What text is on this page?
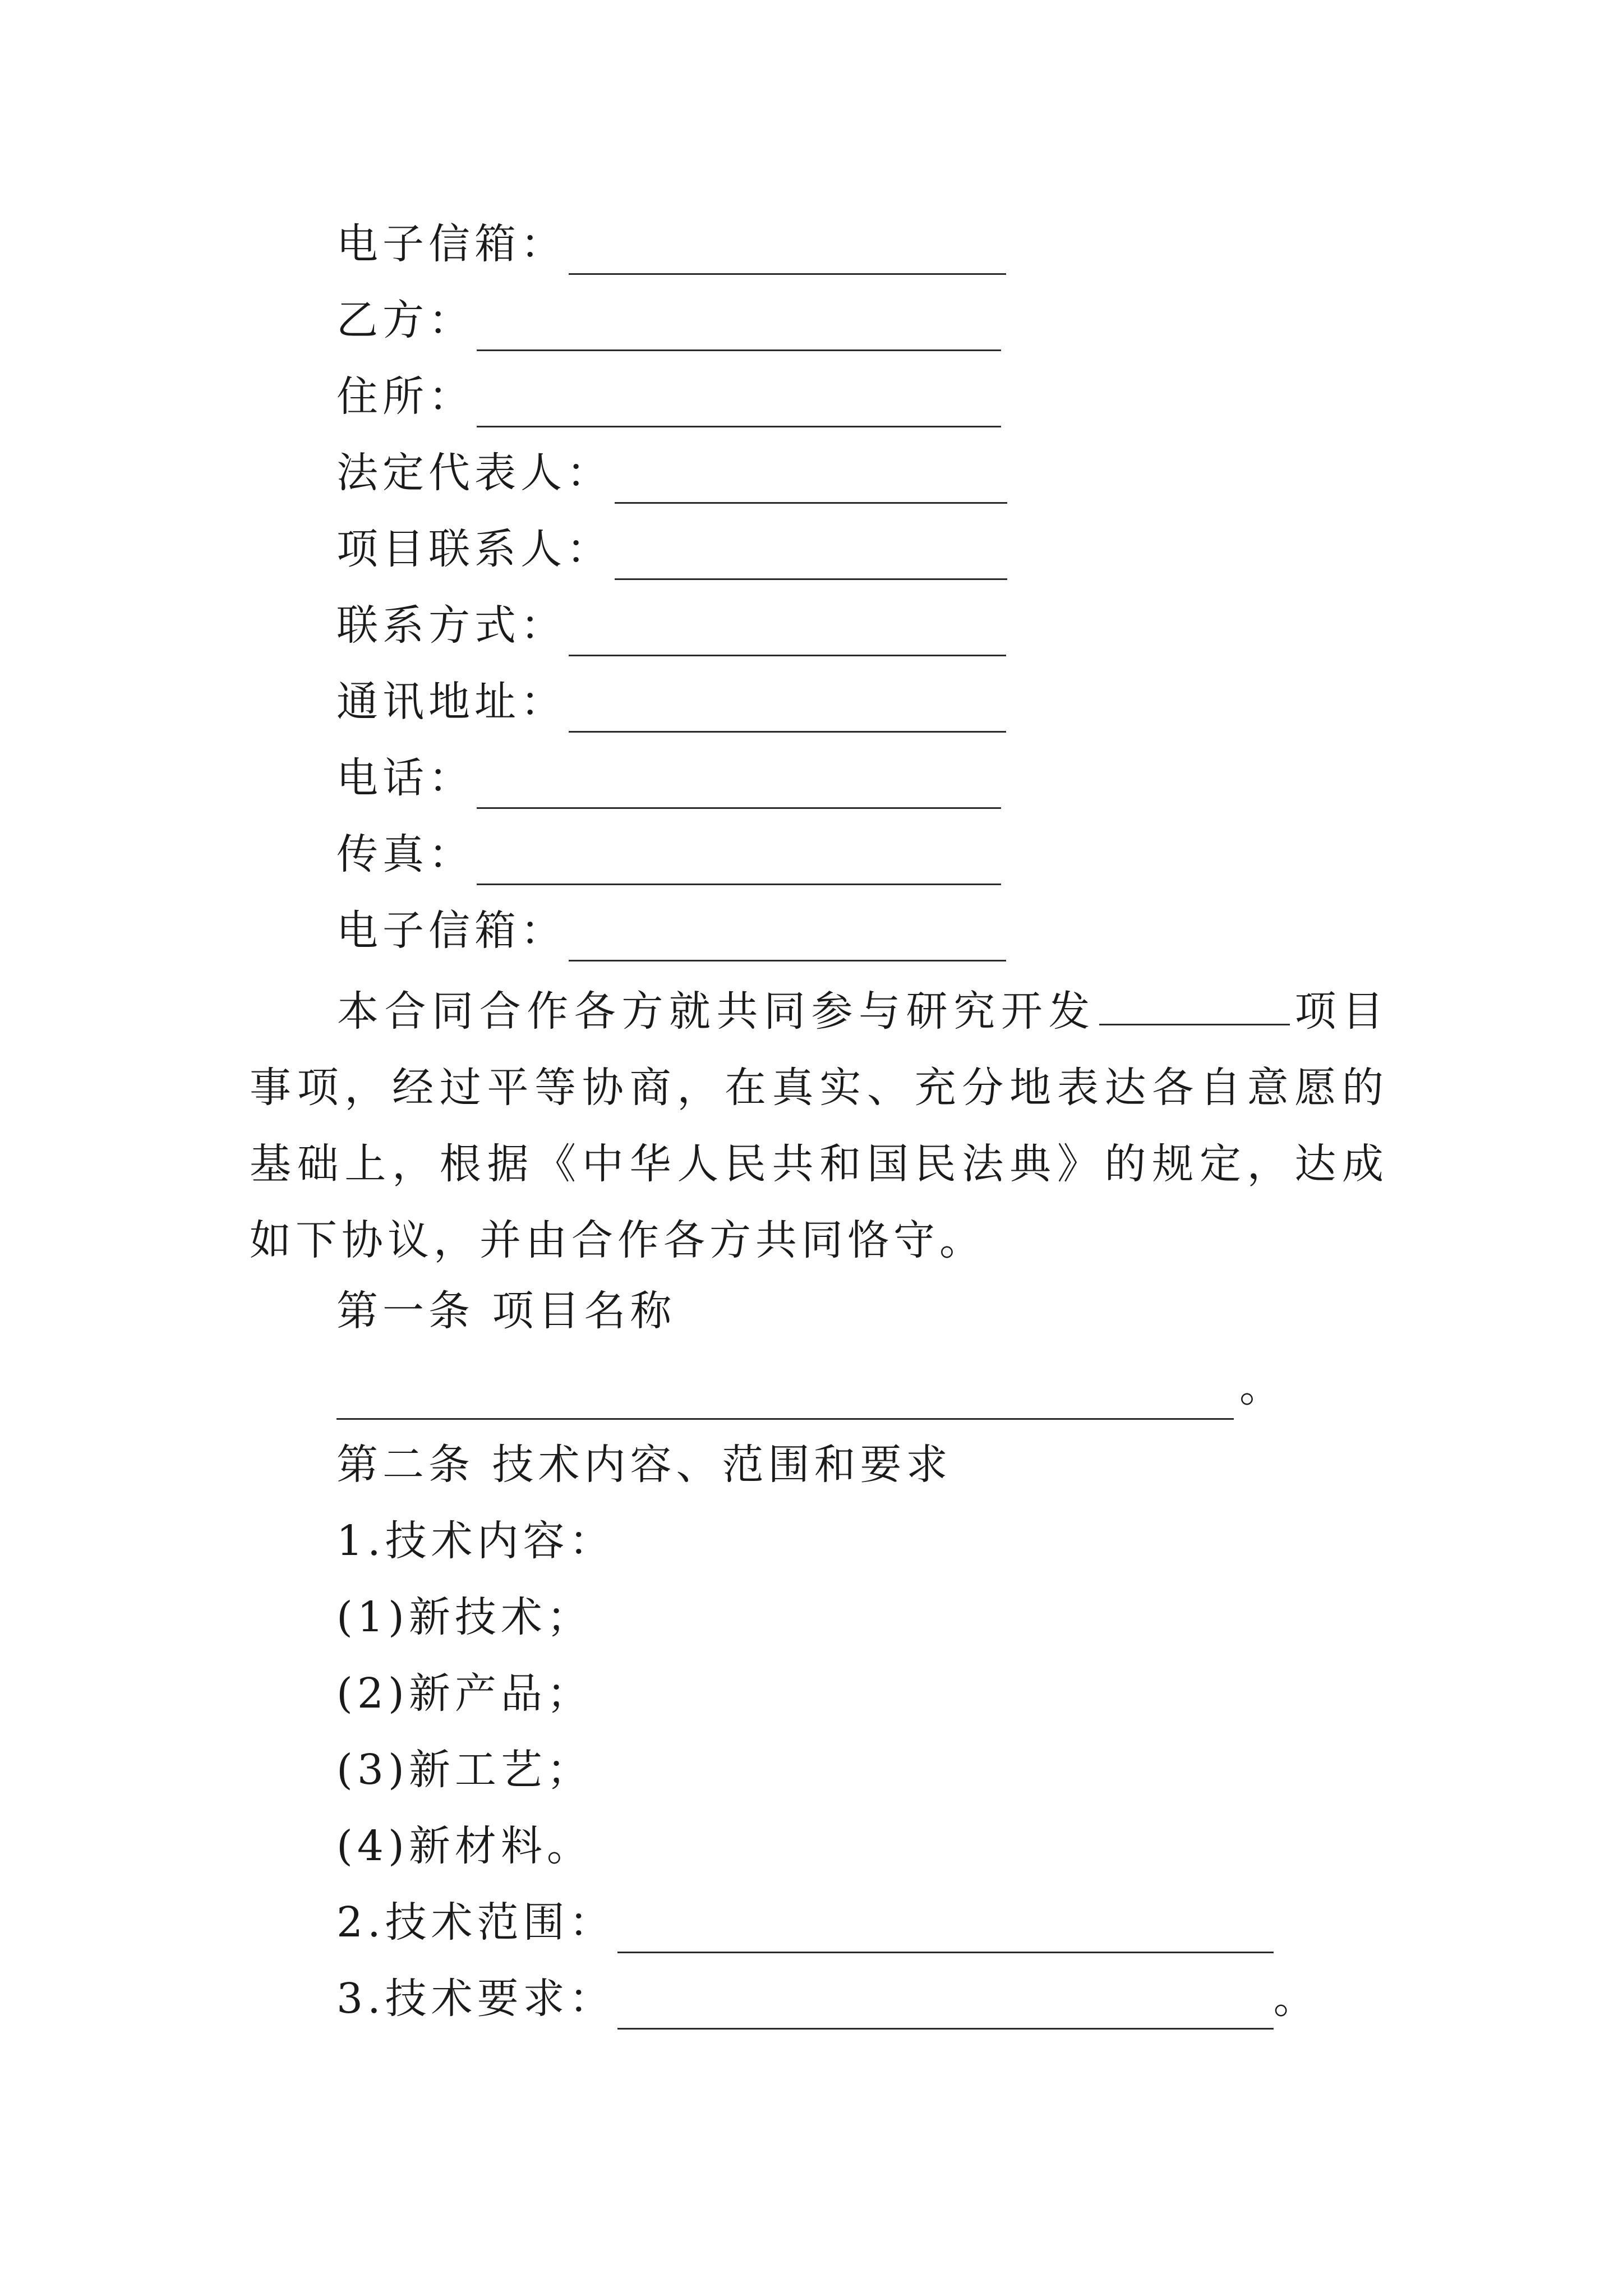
电子信箱：
乙方：
住所：
法定代表人：
项目联系人：
联系方式：
通讯地址：
电话：
传真：
电子信箱：
本合同合作各方就共同参与研究开发	项目事项，经过平等协商，在真实、充分地表达各自意愿的基础上，根据《中华人民共和国民法典》的规定，达成如下协议，并由合作各方共同恪守。
第一条 项目名称
。
第二条 技术内容、范围和要求
1.技术内容：
(1)新技术；
(2)新产品；
(3)新工艺；
(4)新材料。
2.技术范围：
3.技术要求：	。
